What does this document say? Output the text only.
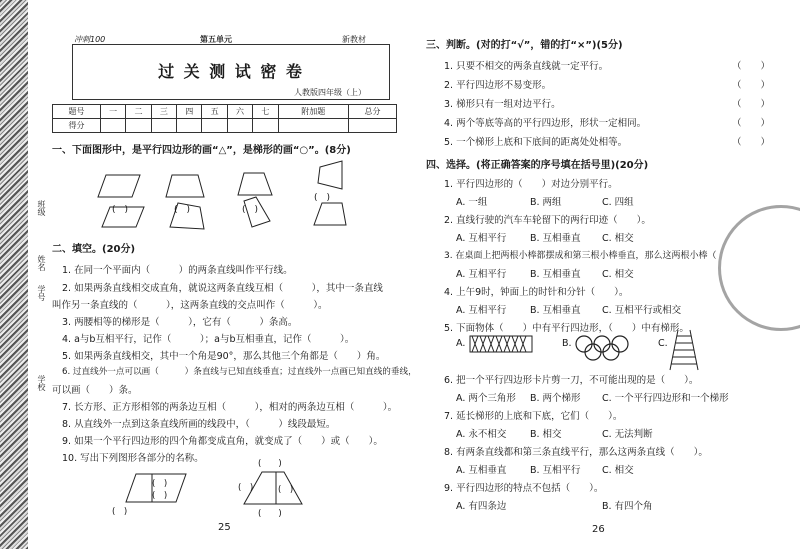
班级
姓名
学号
学校
冲刺100	第五单元	新教材
过 关 测 试 密 卷
人教版四年级（上）
题号	一	二	三	四	五	六	七	附加题	总分
得分									
一、下面图形中，是平行四边形的画“△”，是梯形的画“○”。(8分)
(　)	(　)	(　)
(　)
二、填空。(20分)
1. 在同一个平面内（　　　）的两条直线叫作平行线。
2. 如果两条直线相交成直角，就说这两条直线互相（　　　），其中一条直线
叫作另一条直线的（　　　），这两条直线的交点叫作（　　　）。
3. 两腰相等的梯形是（　　　），它有（　　　）条高。
4. a与b互相平行，记作（　　　）；a与b互相垂直，记作（　　　）。
5. 如果两条直线相交，其中一个角是90°，那么其他三个角都是（　　）角。
6. 过直线外一点可以画（　　　）条直线与已知直线垂直；过直线外一点画已知直线的垂线，
可以画（　　）条。
7. 长方形、正方形相邻的两条边互相（　　　），相对的两条边互相（　　　）。
8. 从直线外一点到这条直线所画的线段中，（　　　）线段最短。
9. 如果一个平行四边形的四个角都变成直角，就变成了（　　）或（　　）。
10. 写出下列图形各部分的名称。
(　)
(　)
(　)
(　　)
(　)	(　)
(　　)
25
三、判断。(对的打“√”，错的打“×”)(5分)
1. 只要不相交的两条直线就一定平行。	（　　）
2. 平行四边形不易变形。	（　　）
3. 梯形只有一组对边平行。	（　　）
4. 两个等底等高的平行四边形，形状一定相同。	（　　）
5. 一个梯形上底和下底间的距离处处相等。	（　　）
四、选择。(将正确答案的序号填在括号里)(20分)
1. 平行四边形的（　　）对边分别平行。
A. 一组	B. 两组	C. 四组
2. 直线行驶的汽车车轮留下的两行印迹（　　）。
A. 互相平行 B. 互相垂直 C. 相交
3. 在桌面上把两根小棒都摆成和第三根小棒垂直，那么这两根小棒（
A. 互相平行 B. 互相垂直 C. 相交
4. 上午9时，钟面上的时针和分针（　　）。
A. 互相平行 B. 互相垂直 C. 互相平行或相交
5. 下面物体（　　）中有平行四边形，（　　）中有梯形。
A.	B.	C.
6. 把一个平行四边形卡片剪一刀，不可能出现的是（　　）。
A. 两个三角形 B. 两个梯形 C. 一个平行四边形和一个梯形
7. 延长梯形的上底和下底，它们（　　）。
A. 永不相交 B. 相交	C. 无法判断
8. 有两条直线都和第三条直线平行，那么这两条直线（　　）。
A. 互相垂直 B. 互相平行 C. 相交
9. 平行四边形的特点不包括（　　）。
A. 有四条边	B. 有四个角
26
